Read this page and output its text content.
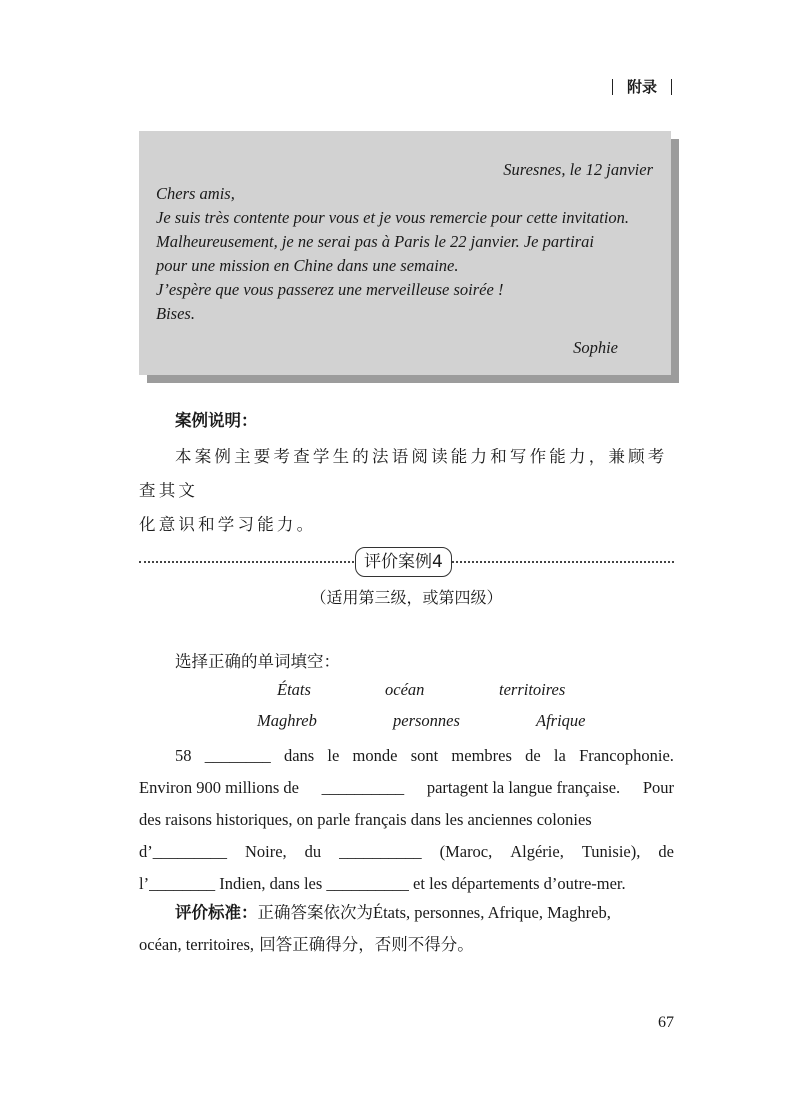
附录
Suresnes, le 12 janvier
Chers amis,
Je suis très contente pour vous et je vous remercie pour cette invitation.
Malheureusement, je ne serai pas à Paris le 22 janvier. Je partirai
pour une mission en Chine dans une semaine.
J’espère que vous passerez une merveilleuse soirée !
Bises.
Sophie
案例说明：
本案例主要考查学生的法语阅读能力和写作能力，兼顾考查其文
化意识和学习能力。
评价案例4
（适用第三级，或第四级）
选择正确的单词填空：
États	océan	territoires
Maghreb	personnes	Afrique
58 ________ dans le monde sont membres de la Francophonie.
Environ 900 millions de __________ partagent la langue française. Pour
des raisons historiques, on parle français dans les anciennes colonies
d’_________ Noire, du __________ (Maroc, Algérie, Tunisie), de
l’________ Indien, dans les __________ et les départements d’outre-mer.
评价标准：正确答案依次为États, personnes, Afrique, Maghreb,
océan, territoires, 回答正确得分，否则不得分。
67
